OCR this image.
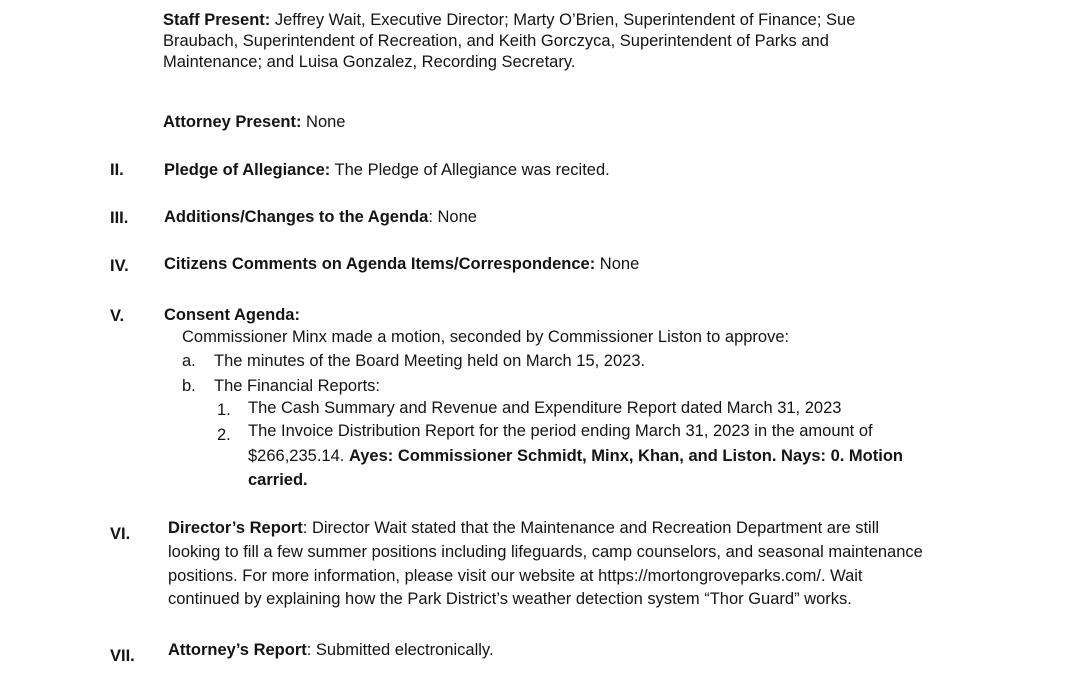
Staff Present: Jeffrey Wait, Executive Director; Marty O’Brien, Superintendent of Finance; Sue
Braubach, Superintendent of Recreation, and Keith Gorczyca, Superintendent of Parks and
Maintenance; and Luisa Gonzalez, Recording Secretary.
Attorney Present: None
II.	Pledge of Allegiance: The Pledge of Allegiance was recited.
III.	Additions/Changes to the Agenda: None
IV.	Citizens Comments on Agenda Items/Correspondence: None
V.	Consent Agenda:
Commissioner Minx made a motion, seconded by Commissioner Liston to approve:
a. The minutes of the Board Meeting held on March 15, 2023.
b. The Financial Reports:
1. The Cash Summary and Revenue and Expenditure Report dated March 31, 2023
2. The Invoice Distribution Report for the period ending March 31, 2023 in the amount of
$266,235.14. Ayes: Commissioner Schmidt, Minx, Khan, and Liston. Nays: 0. Motion
carried.
VI.	Director’s Report: Director Wait stated that the Maintenance and Recreation Department are still
looking to fill a few summer positions including lifeguards, camp counselors, and seasonal maintenance
positions. For more information, please visit our website at https://mortongroveparks.com/. Wait
continued by explaining how the Park District’s weather detection system “Thor Guard” works.
VII.	Attorney’s Report: Submitted electronically.
